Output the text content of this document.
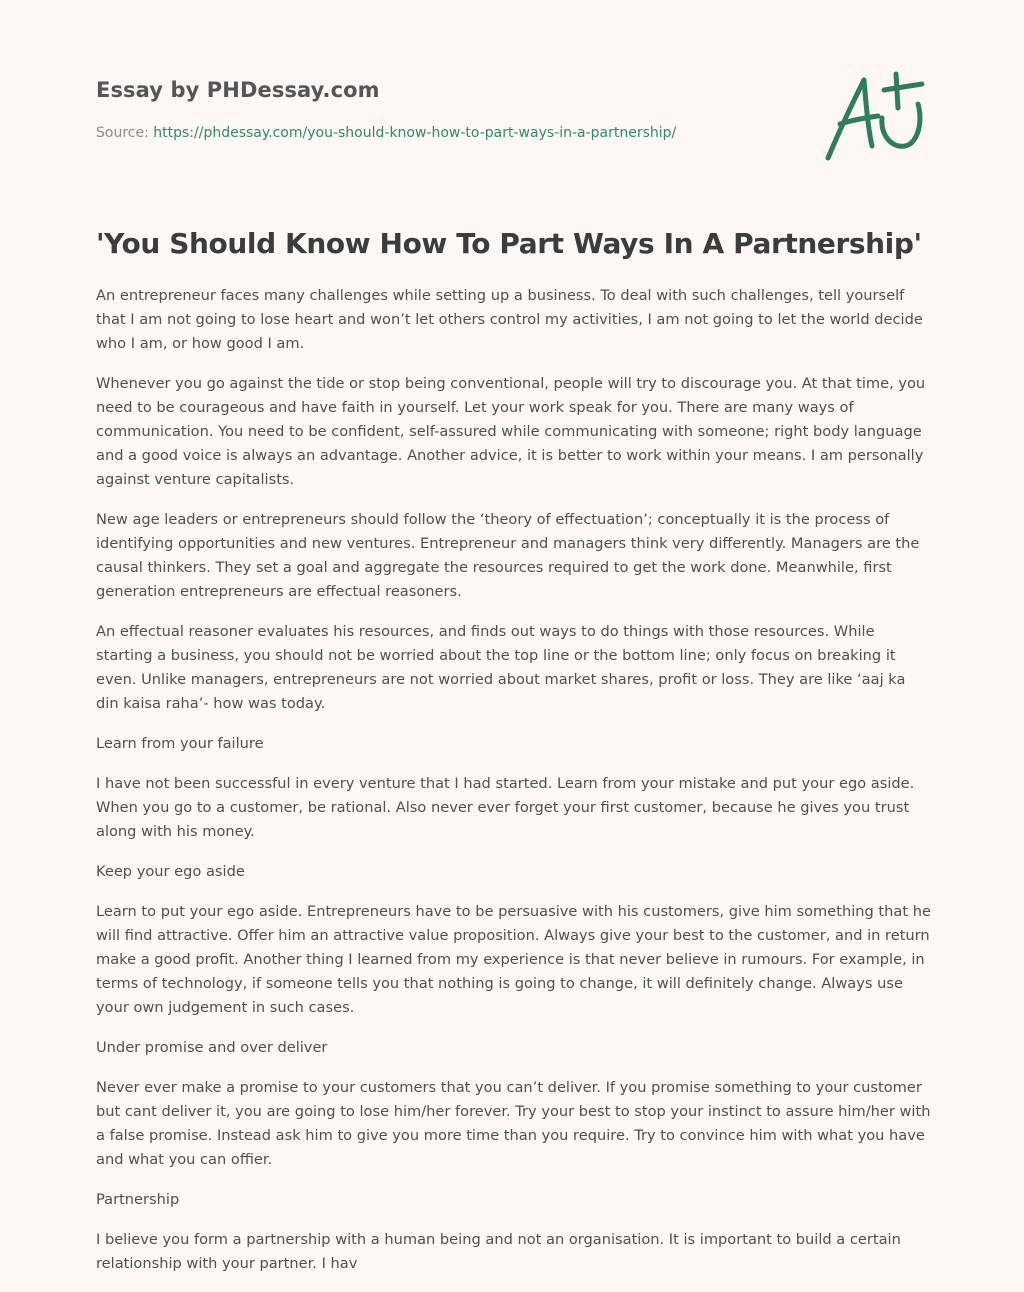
Essay by PHDessay.com
Source: https://phdessay.com/you-should-know-how-to-part-ways-in-a-partnership/
'You Should Know How To Part Ways In A Partnership'

An entrepreneur faces many challenges while setting up a business. To deal with such challenges, tell yourself that I am not going to lose heart and won’t let others control my activities, I am not going to let the world decide who I am, or how good I am.

Whenever you go against the tide or stop being conventional, people will try to discourage you. At that time, you need to be courageous and have faith in yourself. Let your work speak for you. There are many ways of communication. You need to be confident, self-assured while communicating with someone; right body language and a good voice is always an advantage. Another advice, it is better to work within your means. I am personally against venture capitalists.

New age leaders or entrepreneurs should follow the ‘theory of effectuation’; conceptually it is the process of identifying opportunities and new ventures. Entrepreneur and managers think very differently. Managers are the causal thinkers. They set a goal and aggregate the resources required to get the work done. Meanwhile, first generation entrepreneurs are effectual reasoners.

An effectual reasoner evaluates his resources, and finds out ways to do things with those resources. While starting a business, you should not be worried about the top line or the bottom line; only focus on breaking it even. Unlike managers, entrepreneurs are not worried about market shares, profit or loss. They are like ‘aaj ka din kaisa raha’- how was today.

Learn from your failure

I have not been successful in every venture that I had started. Learn from your mistake and put your ego aside. When you go to a customer, be rational. Also never ever forget your first customer, because he gives you trust along with his money.

Keep your ego aside

Learn to put your ego aside. Entrepreneurs have to be persuasive with his customers, give him something that he will find attractive. Offer him an attractive value proposition. Always give your best to the customer, and in return make a good profit. Another thing I learned from my experience is that never believe in rumours. For example, in terms of technology, if someone tells you that nothing is going to change, it will definitely change. Always use your own judgement in such cases.

Under promise and over deliver

Never ever make a promise to your customers that you can’t deliver. If you promise something to your customer but cant deliver it, you are going to lose him/her forever. Try your best to stop your instinct to assure him/her with a false promise. Instead ask him to give you more time than you require. Try to convince him with what you have and what you can offier.

Partnership

I believe you form a partnership with a human being and not an organisation. It is important to build a certain relationship with your partner. I hav
